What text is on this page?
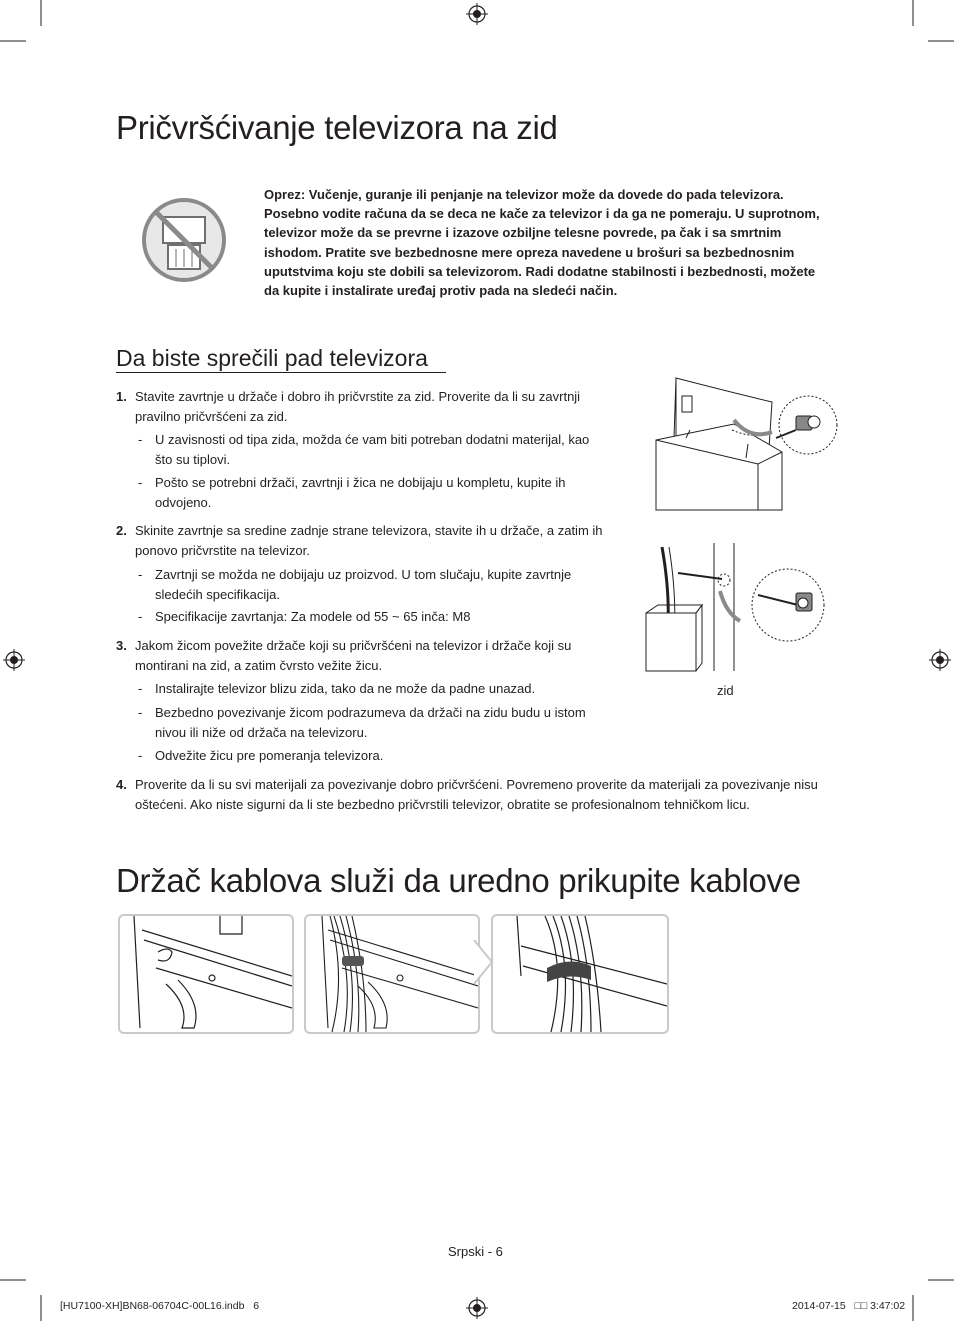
Pričvršćivanje televizora na zid
Oprez: Vučenje, guranje ili penjanje na televizor može da dovede do pada televizora.
Posebno vodite računa da se deca ne kače za televizor i da ga ne pomeraju. U suprotnom,
televizor može da se prevrne i izazove ozbiljne telesne povrede, pa čak i sa smrtnim
ishodom. Pratite sve bezbednosne mere opreza navedene u brošuri sa bezbednosnim
uputstvima koju ste dobili sa televizorom. Radi dodatne stabilnosti i bezbednosti, možete
da kupite i instalirate uređaj protiv pada na sledeći način.
Da biste sprečili pad televizora
1. Stavite zavrtnje u držače i dobro ih pričvrstite za zid. Proverite da li su zavrtnji
pravilno pričvršćeni za zid.
- U zavisnosti od tipa zida, možda će vam biti potreban dodatni materijal, kao
što su tiplovi.
- Pošto se potrebni držači, zavrtnji i žica ne dobijaju u kompletu, kupite ih
odvojeno.
2. Skinite zavrtnje sa sredine zadnje strane televizora, stavite ih u držače, a zatim ih
ponovo pričvrstite na televizor.
- Zavrtnji se možda ne dobijaju uz proizvod. U tom slučaju, kupite zavrtnje
sledećih specifikacija.
- Specifikacije zavrtanja: Za modele od 55 ~ 65 inča: M8
3. Jakom žicom povežite držače koji su pričvršćeni na televizor i držače koji su
montirani na zid, a zatim čvrsto vežite žicu.
- Instalirajte televizor blizu zida, tako da ne može da padne unazad.
- Bezbedno povezivanje žicom podrazumeva da držači na zidu budu u istom
nivou ili niže od držača na televizoru.
- Odvežite žicu pre pomeranja televizora.
4. Proverite da li su svi materijali za povezivanje dobro pričvršćeni. Povremeno proverite da materijali za povezivanje nisu
oštećeni. Ako niste sigurni da li ste bezbedno pričvrstili televizor, obratite se profesionalnom tehničkom licu.
zid
Držač kablova služi da uredno prikupite kablove
Srpski - 6
[HU7100-XH]BN68-06704C-00L16.indb   6	2014-07-15   □□ 3:47:02
